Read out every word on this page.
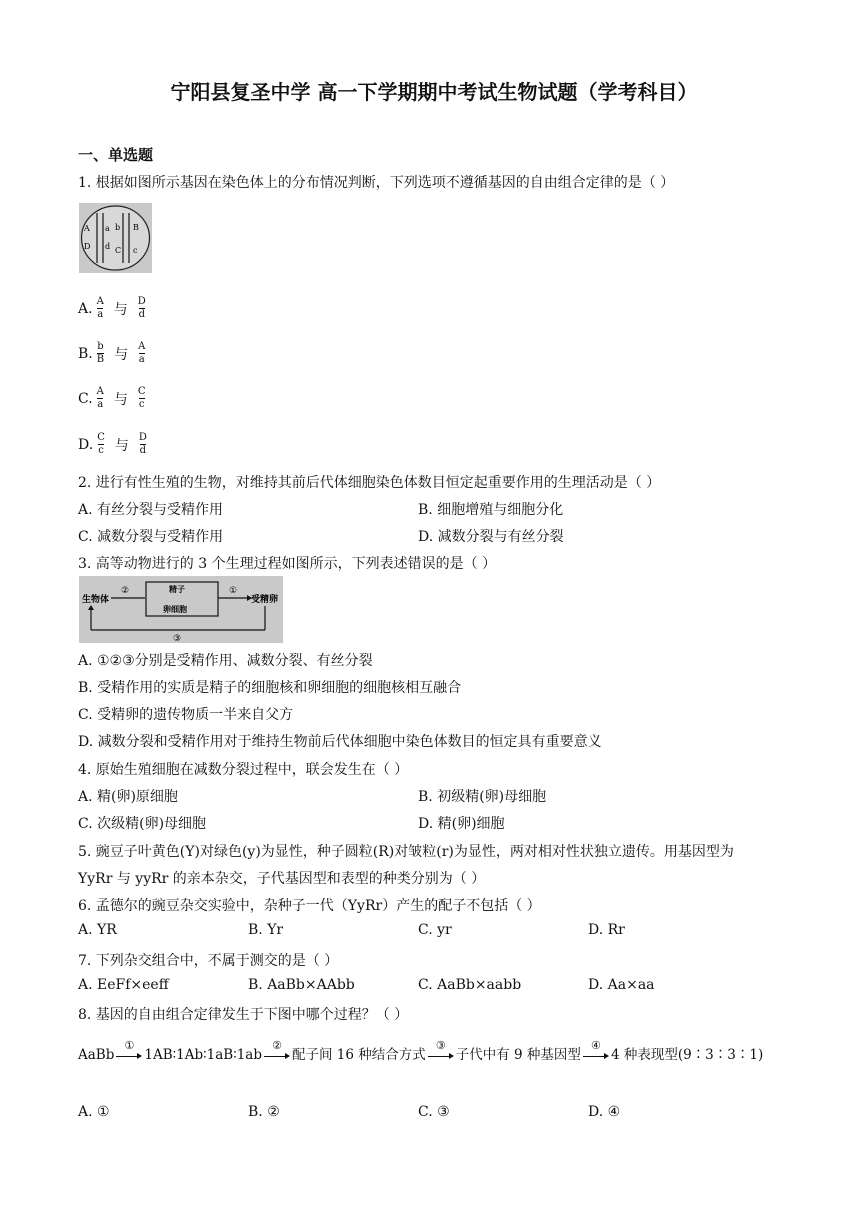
宁阳县复圣中学 高一下学期期中考试生物试题（学考科目）
一、单选题
1. 根据如图所示基因在染色体上的分布情况判断，下列选项不遵循基因的自由组合定律的是（ ）
A a b B
D d C c
A. $\frac{A}{a}$ 与 $\frac{D}{d}$
B. $\frac{b}{B}$ 与 $\frac{A}{a}$
C. $\frac{A}{a}$ 与 $\frac{C}{c}$
D. $\frac{C}{c}$ 与 $\frac{D}{d}$
2. 进行有性生殖的生物，对维持其前后代体细胞染色体数目恒定起重要作用的生理活动是（ ）
A. 有丝分裂与受精作用	B. 细胞增殖与细胞分化
C. 减数分裂与受精作用	D. 减数分裂与有丝分裂
3. 高等动物进行的 3 个生理过程如图所示，下列表述错误的是（ ）
生物体
②	精子
卵细胞
①
受精卵
③
A. ①②③分别是受精作用、减数分裂、有丝分裂
B. 受精作用的实质是精子的细胞核和卵细胞的细胞核相互融合
C. 受精卵的遗传物质一半来自父方
D. 减数分裂和受精作用对于维持生物前后代体细胞中染色体数目的恒定具有重要意义
4. 原始生殖细胞在减数分裂过程中，联会发生在（ ）
A. 精(卵)原细胞	B. 初级精(卵)母细胞
C. 次级精(卵)母细胞	D. 精(卵)细胞
5. 豌豆子叶黄色(Y)对绿色(y)为显性，种子圆粒(R)对皱粒(r)为显性，两对相对性状独立遗传。用基因型为
YyRr 与 yyRr 的亲本杂交，子代基因型和表型的种类分别为（ ）
6. 孟德尔的豌豆杂交实验中，杂种子一代（YyRr）产生的配子不包括（ ）
A. YR	B. Yr	C. yr	D. Rr
7. 下列杂交组合中，不属于测交的是（ ）
A. EeFf×eeff	B. AaBb×AAbb	C. AaBb×aabb	D. Aa×aa
8. 基因的自由组合定律发生于下图中哪个过程？（ ）
AaBb
①
1AB∶1Ab∶1aB∶1ab
②
配子间 16 种结合方式
③
子代中有 9 种基因型
④
4 种表现型(9∶3∶3∶1)
A. ①	B. ②	C. ③	D. ④
